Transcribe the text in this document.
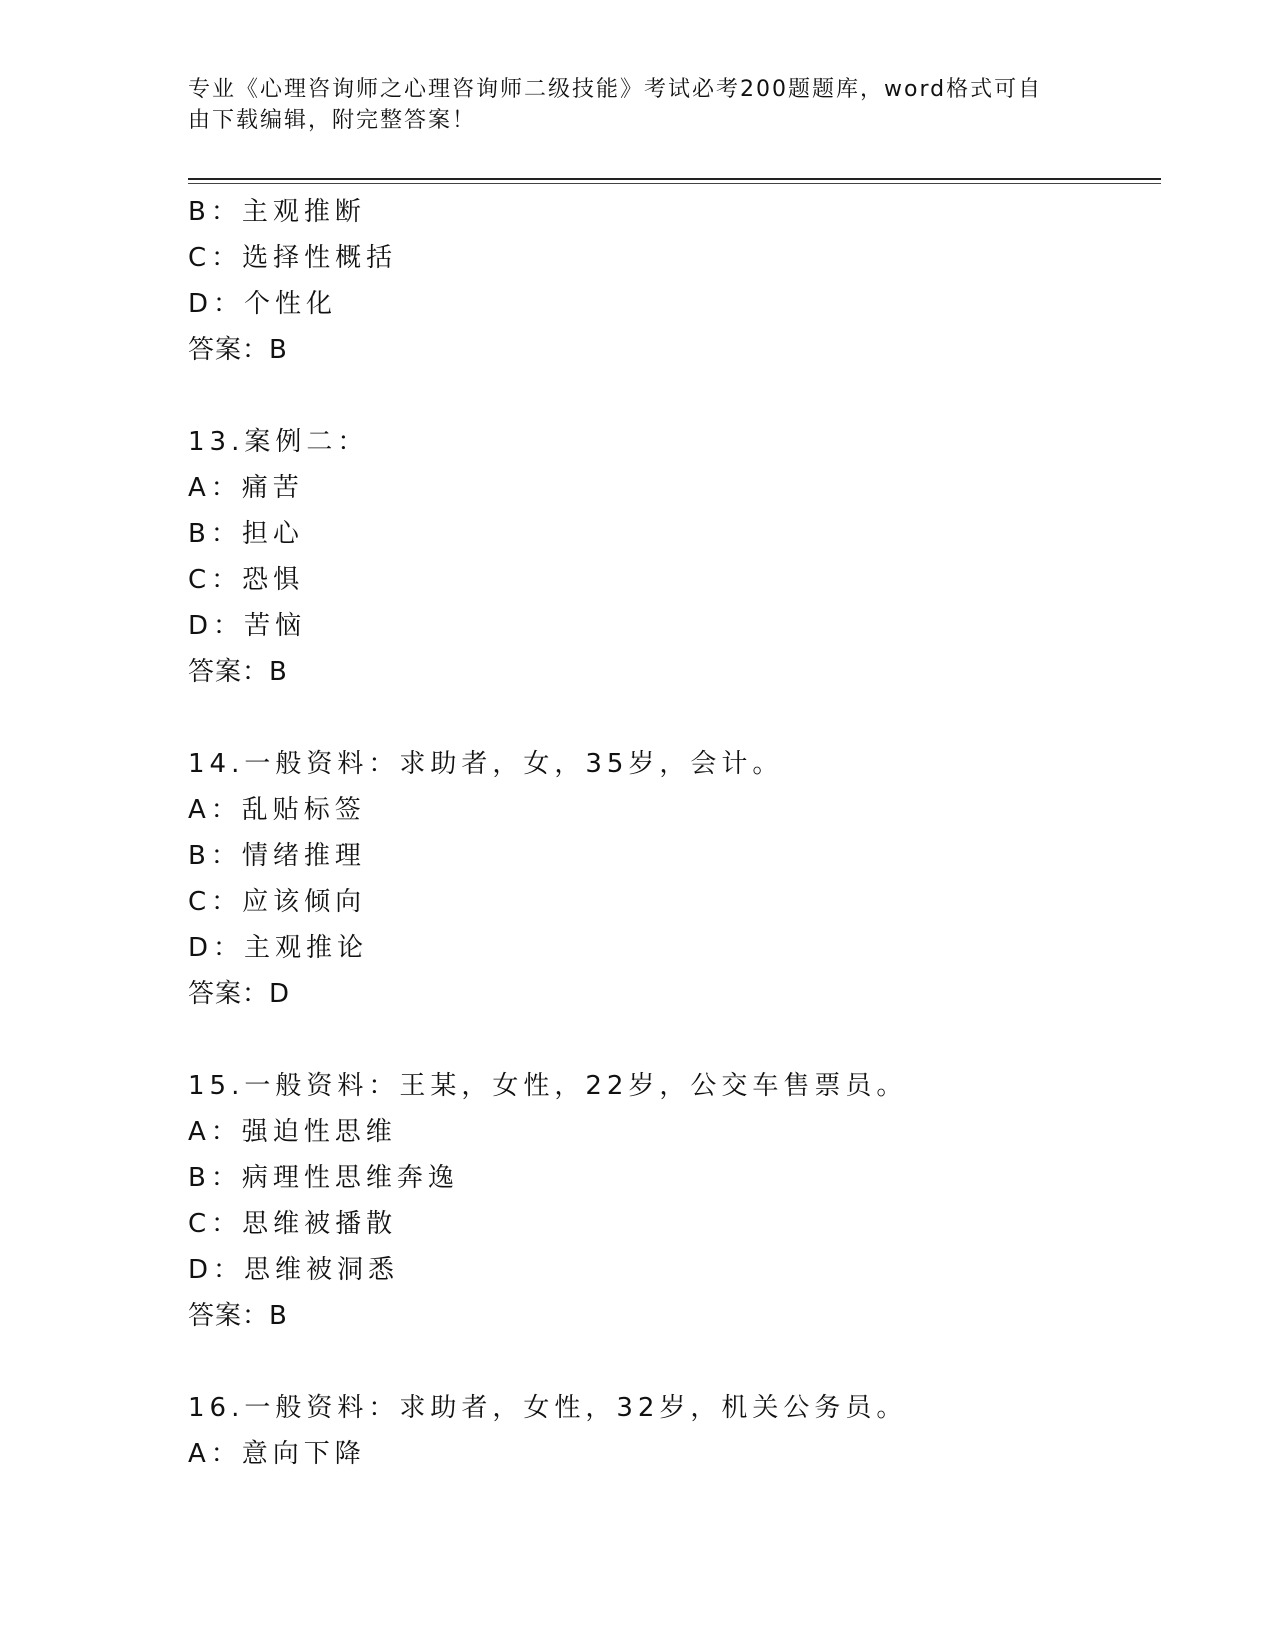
专业《心理咨询师之心理咨询师二级技能》考试必考200题题库，word格式可自
由下载编辑，附完整答案！
B：主观推断
C：选择性概括
D：个性化
答案：B
13.案例二：
A：痛苦
B：担心
C：恐惧
D：苦恼
答案：B
14.一般资料：求助者，女，35岁，会计。
A：乱贴标签
B：情绪推理
C：应该倾向
D：主观推论
答案：D
15.一般资料：王某，女性，22岁，公交车售票员。
A：强迫性思维
B：病理性思维奔逸
C：思维被播散
D：思维被洞悉
答案：B
16.一般资料：求助者，女性，32岁，机关公务员。
A：意向下降
